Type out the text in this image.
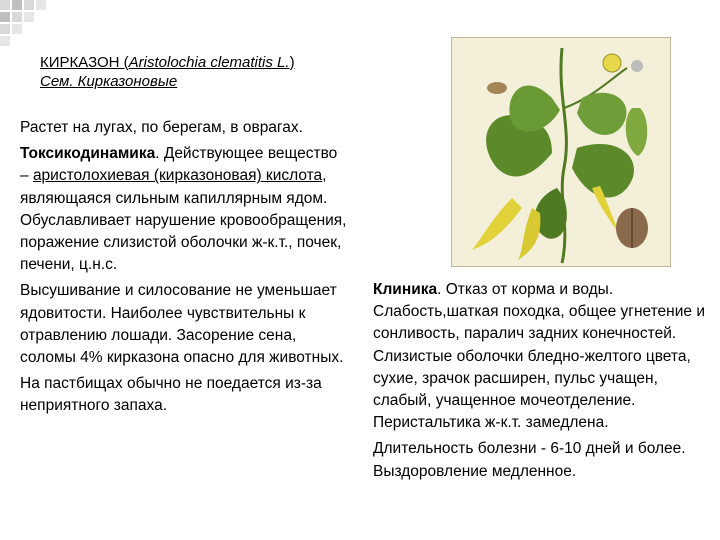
КИРКАЗОН (Aristolochia clematitis L.)
Сем. Кирказоновые

Растет на лугах, по берегам, в оврагах.

Токсикодинамика. Действующее вещество – аристолохиевая (кирказоновая) кислота, являющаяся сильным капиллярным ядом. Обуславливает нарушение кровообращения, поражение слизистой оболочки ж-к.т., почек, печени, ц.н.с.

Высушивание и силосование не уменьшает ядовитости. Наиболее чувствительны к отравлению лошади. Засорение сена, соломы 4% кирказона опасно для животных.

На пастбищах обычно не поедается из-за неприятного запаха.

Клиника. Отказ от корма и воды. Слабость,шаткая походка, общее угнетение и сонливость, паралич задних конечностей. Слизистые оболочки бледно-желтого цвета, сухие, зрачок расширен, пульс учащен, слабый, учащенное мочеотделение. Перистальтика ж-к.т. замедлена.

Длительность болезни - 6-10 дней и более. Выздоровление медленное.
